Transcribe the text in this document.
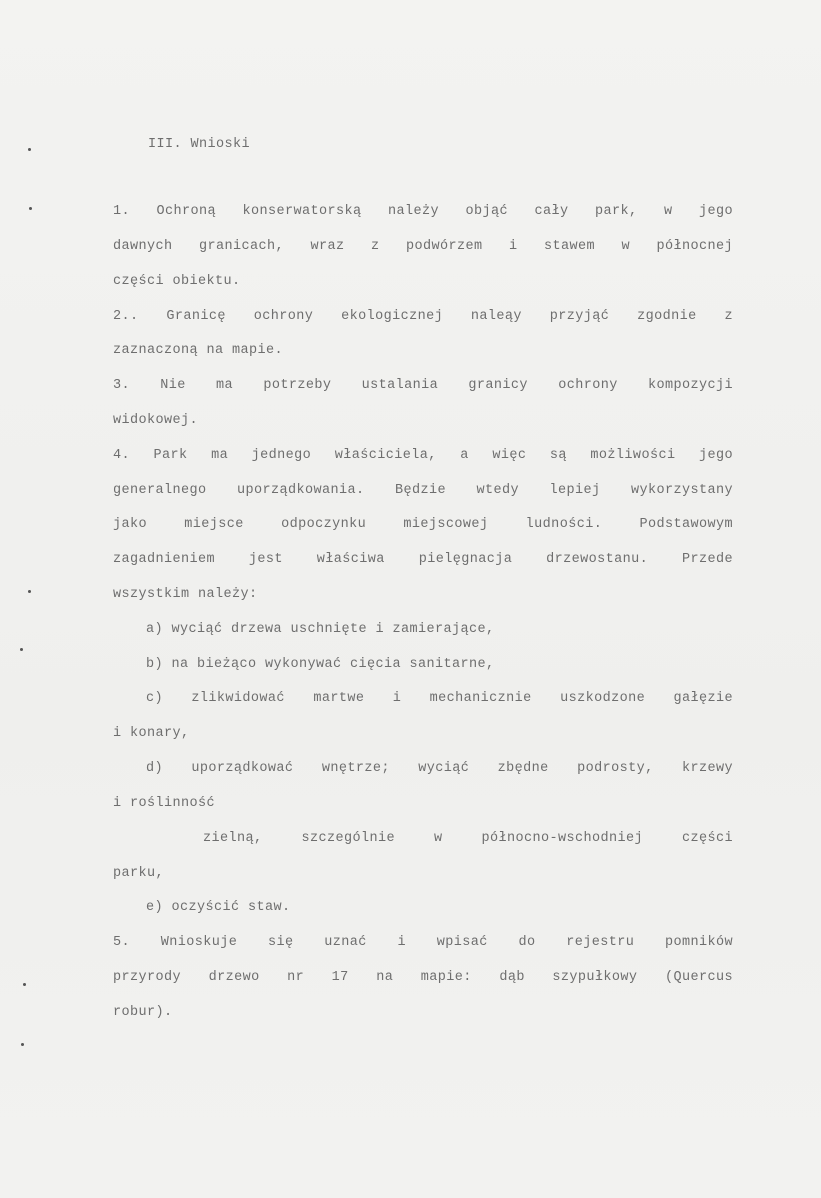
III. Wnioski
1. Ochroną konserwatorską należy objąć cały park, w jego
dawnych granicach, wraz z podwórzem i stawem w północnej
części obiektu.
2.. Granicę ochrony ekologicznej naleąy przyjąć zgodnie z
zaznaczoną na mapie.
3. Nie ma potrzeby ustalania granicy ochrony kompozycji
widokowej.
4. Park ma jednego właściciela, a więc są możliwości jego
generalnego uporządkowania. Będzie wtedy lepiej wykorzystany
jako miejsce odpoczynku miejscowej ludności. Podstawowym
zagadnieniem jest właściwa pielęgnacja drzewostanu. Przede
wszystkim należy:
a) wyciąć drzewa uschnięte i zamierające,
b) na bieżąco wykonywać cięcia sanitarne,
c) zlikwidować martwe i mechanicznie uszkodzone gałęzie
i konary,
d) uporządkować wnętrze; wyciąć zbędne podrosty, krzewy
i roślinność
zielną, szczególnie w północno-wschodniej części
parku,
e) oczyścić staw.
5. Wnioskuje się uznać i wpisać do rejestru pomników
przyrody drzewo nr 17 na mapie: dąb szypułkowy (Quercus
robur).
